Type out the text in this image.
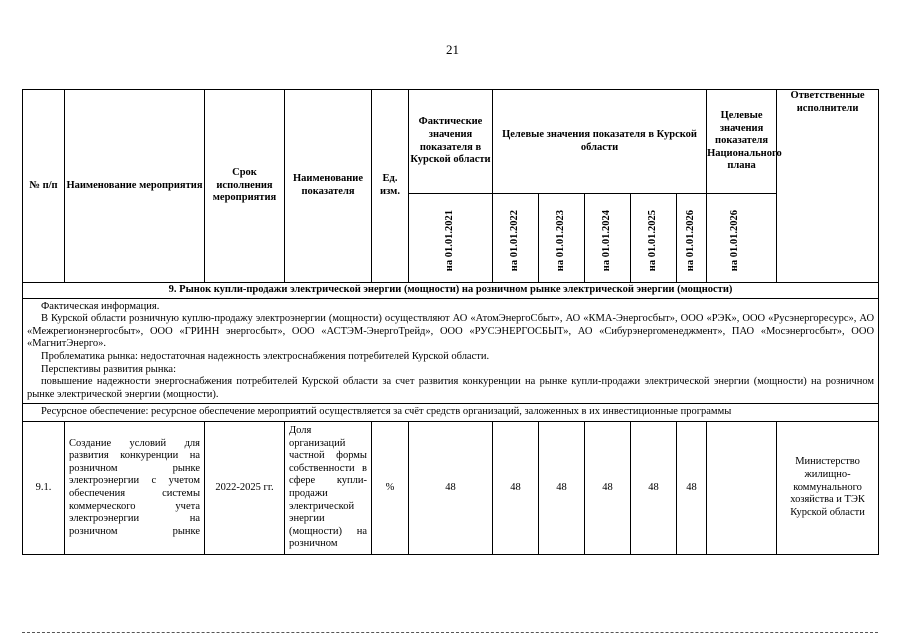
21
№ п/п	Наименование мероприятия	Срок исполнения мероприятия	Наименование показателя	Ед. изм.	Фактические значения показателя в Курской области	Целевые значения показателя в Курской области					Целевые значения показателя Национального плана	Ответственные исполнители
					на 01.01.2021	на 01.01.2022	на 01.01.2023	на 01.01.2024	на 01.01.2025	на 01.01.2026	на 01.01.2026	
9. Рынок купли-продажи электрической энергии (мощности) на розничном рынке электрической энергии (мощности)												

Фактическая информация.

В Курской области розничную куплю-продажу электроэнергии (мощности) осуществляют АО «АтомЭнергоСбыт», АО «КМА-Энергосбыт», ООО «РЭК», ООО «Русэнергоресурс», АО «Межрегионэнергосбыт», ООО «ГРИНН энергосбыт», ООО «АСТЭМ-ЭнергоТрейд», ООО «РУСЭНЕРГОСБЫТ», АО «Сибурэнергоменеджмент», ПАО «Мосэнергосбыт», ООО «МагнитЭнерго».

Проблематика рынка: недостаточная надежность электроснабжения потребителей Курской области.

Перспективы развития рынка:

повышение надежности энергоснабжения потребителей Курской области за счет развития конкуренции на рынке купли-продажи электрической энергии (мощности) на розничном рынке электрической энергии (мощности).												

Ресурсное обеспечение: ресурсное обеспечение мероприятий осуществляется за счёт средств организаций, заложенных в их инвестиционные программы												

9.1.	Создание условий для развития конкуренции на розничном рынке электроэнергии с учетом обеспечения системы коммерческого учета электроэнергии на розничном рынке	2022-2025 гг.	Доля организаций частной формы собственности в сфере купли-продажи электрической энергии (мощности) на розничном	%	48	48	48	48	48	48		Министерство жилищно-коммунального хозяйства и ТЭК Курской области
